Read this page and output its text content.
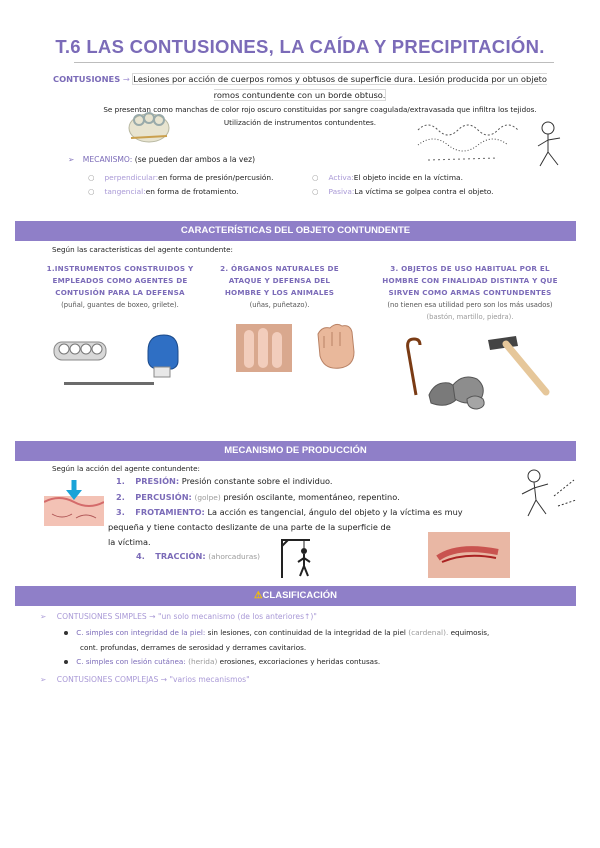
T.6 LAS CONTUSIONES, LA CAÍDA Y PRECIPITACIÓN.
CONTUSIONES → Lesiones por acción de cuerpos romos y obtusos de superficie dura. Lesión producida por un objeto romos contundente con un borde obtuso.
Se presentan como manchas de color rojo oscuro constituidas por sangre coagulada/extravasada que infiltra los tejidos.
Utilización de instrumentos contundentes.
➢ MECANISMO: (se pueden dar ambos a la vez)
○ perpendicular:en forma de presión/percusión.
○ tangencial:en forma de frotamiento.
○ Activa:El objeto incide en la víctima.
○ Pasiva:La víctima se golpea contra el objeto.
CARACTERÍSTICAS DEL OBJETO CONTUNDENTE
Según las características del agente contundente:
1.INSTRUMENTOS CONSTRUIDOS Y EMPLEADOS COMO AGENTES DE CONTUSIÓN PARA LA DEFENSA
(puñal, guantes de boxeo, grilete).
2. ÓRGANOS NATURALES DE ATAQUE Y DEFENSA DEL HOMBRE Y LOS ANIMALES
(uñas, puñetazo).
3. OBJETOS DE USO HABITUAL POR EL HOMBRE CON FINALIDAD DISTINTA Y QUE SIRVEN COMO ARMAS CONTUNDENTES
(no tienen esa utilidad pero son los más usados) (bastón, martillo, piedra).
MECANISMO DE PRODUCCIÓN
Según la acción del agente contundente:
1. PRESIÓN: Presión constante sobre el individuo.
2. PERCUSIÓN: (golpe) presión oscilante, momentáneo, repentino.
3. FROTAMIENTO: La acción es tangencial, ángulo del objeto y la víctima es muy
pequeña y tiene contacto deslizante de una parte de la superficie de
la víctima.
4. TRACCIÓN: (ahorcaduras)
⚠CLASIFICACIÓN
➢ CONTUSIONES SIMPLES → "un solo mecanismo (de los anteriores↑)"
C. simples con integridad de la piel: sin lesiones, con continuidad de la integridad de la piel (cardenal). equimosis,
cont. profundas, derrames de serosidad y derrames cavitarios.
C. simples con lesión cutánea: (herida) erosiones, excoriaciones y heridas contusas.
➢ CONTUSIONES COMPLEJAS → "varios mecanismos"
